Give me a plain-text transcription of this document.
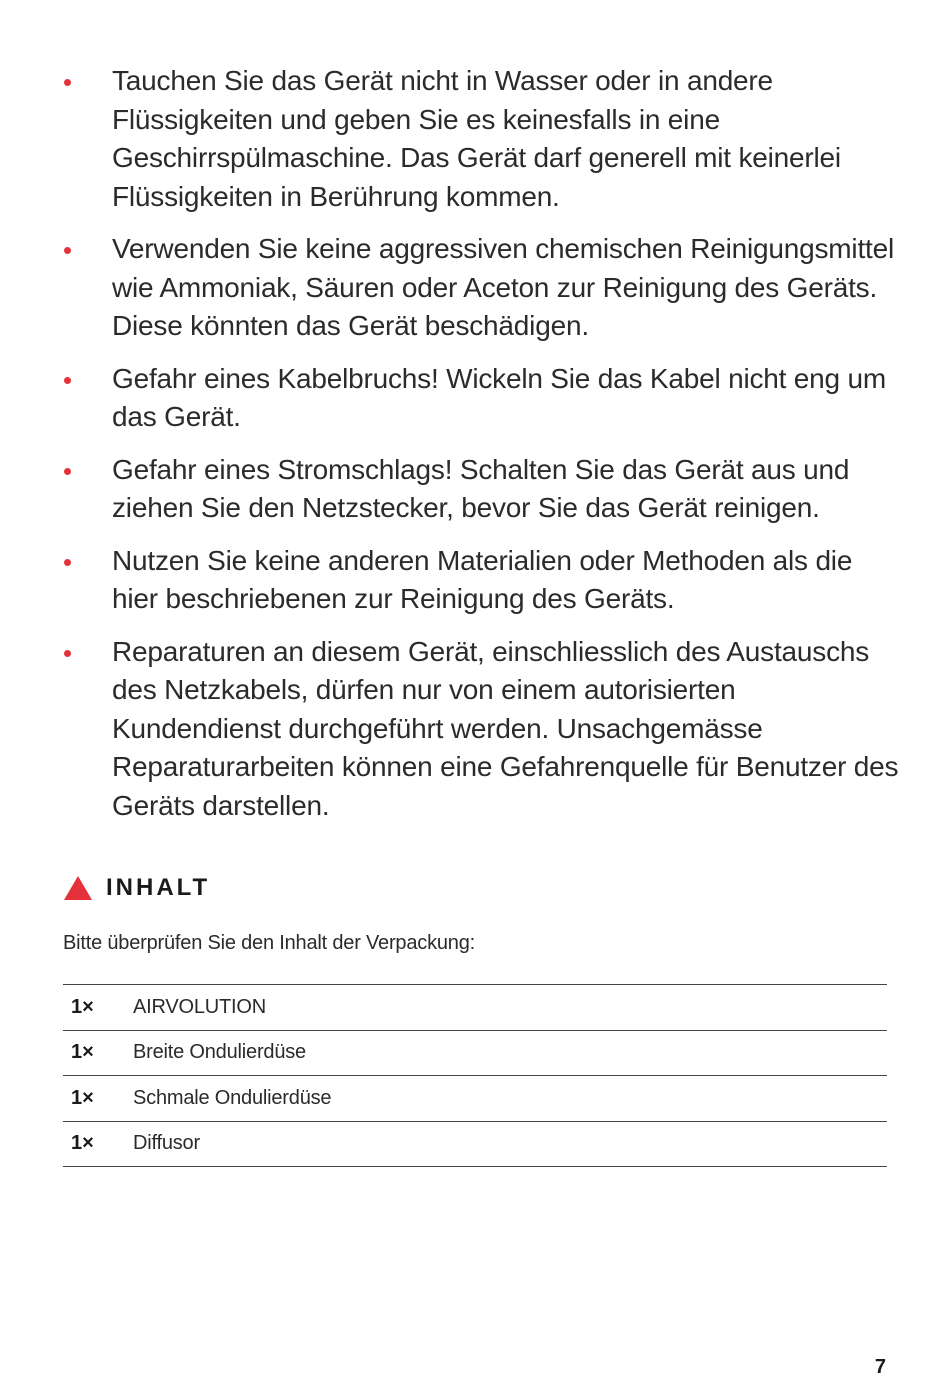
Tauchen Sie das Gerät nicht in Wasser oder in andere Flüssigkeiten und geben Sie es keinesfalls in eine Geschirrspülmaschine. Das Gerät darf generell mit keinerlei Flüssigkeiten in Berührung kommen.
Verwenden Sie keine aggressiven chemischen Reinigungsmittel wie Ammoniak, Säuren oder Aceton zur Reinigung des Geräts. Diese könnten das Gerät beschädigen.
Gefahr eines Kabelbruchs! Wickeln Sie das Kabel nicht eng um das Gerät.
Gefahr eines Stromschlags! Schalten Sie das Gerät aus und ziehen Sie den Netzstecker, bevor Sie das Gerät reinigen.
Nutzen Sie keine anderen Materialien oder Methoden als die hier beschriebenen zur Reinigung des Geräts.
Reparaturen an diesem Gerät, einschliesslich des Austauschs des Netzkabels, dürfen nur von einem autorisierten Kundendienst durchgeführt werden. Unsachgemässe Reparaturarbeiten können eine Gefahrenquelle für Benutzer des Geräts darstellen.
INHALT
Bitte überprüfen Sie den Inhalt der Verpackung:
1×	AIRVOLUTION
1×	Breite Ondulierdüse
1×	Schmale Ondulierdüse
1×	Diffusor
7
